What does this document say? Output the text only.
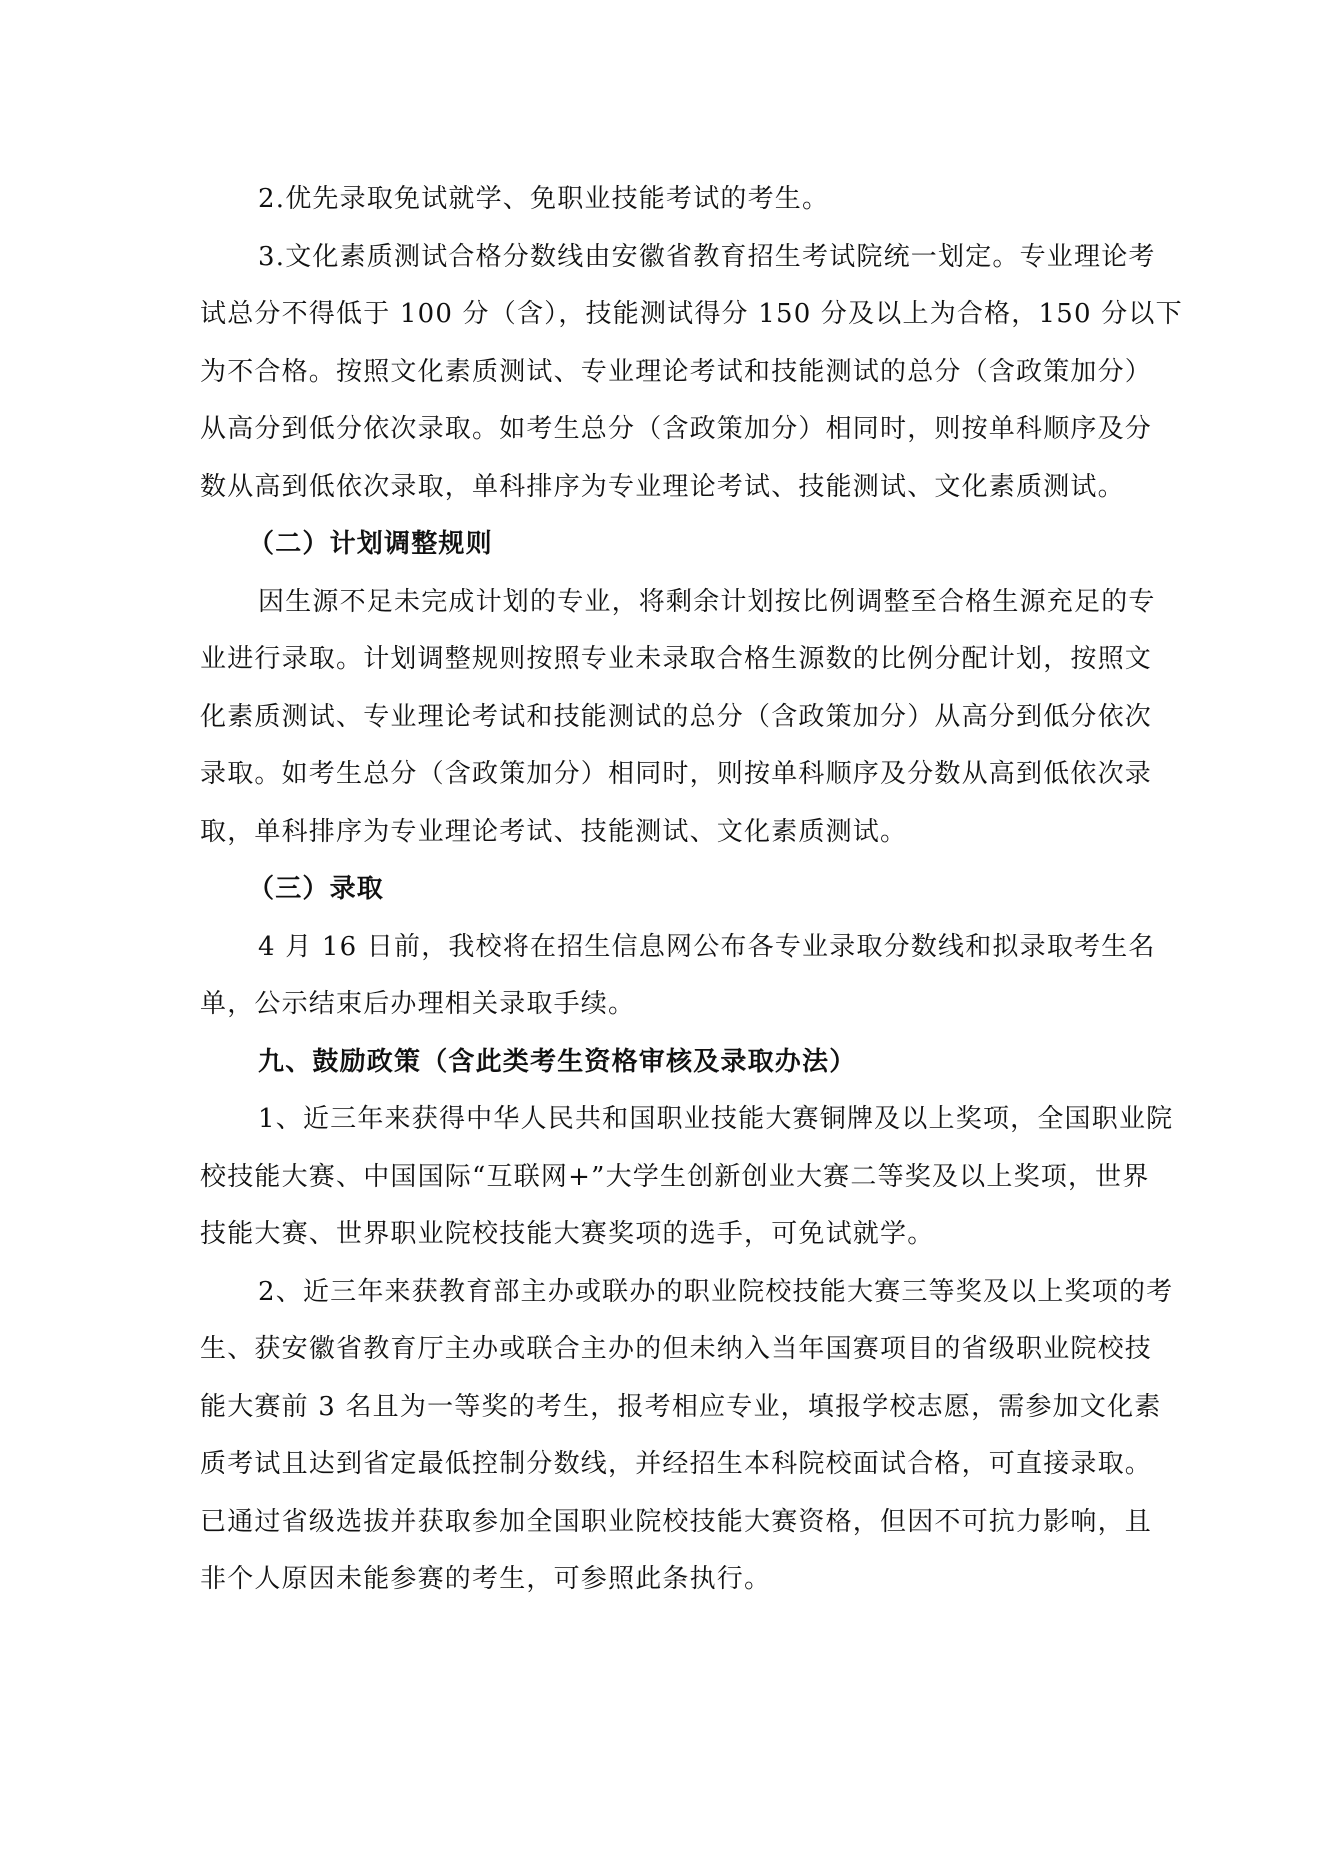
2.优先录取免试就学、免职业技能考试的考生。
3.文化素质测试合格分数线由安徽省教育招生考试院统一划定。专业理论考
试总分不得低于 100 分（含），技能测试得分 150 分及以上为合格，150 分以下
为不合格。按照文化素质测试、专业理论考试和技能测试的总分（含政策加分）
从高分到低分依次录取。如考生总分（含政策加分）相同时，则按单科顺序及分
数从高到低依次录取，单科排序为专业理论考试、技能测试、文化素质测试。
（二）计划调整规则
因生源不足未完成计划的专业，将剩余计划按比例调整至合格生源充足的专
业进行录取。计划调整规则按照专业未录取合格生源数的比例分配计划，按照文
化素质测试、专业理论考试和技能测试的总分（含政策加分）从高分到低分依次
录取。如考生总分（含政策加分）相同时，则按单科顺序及分数从高到低依次录
取，单科排序为专业理论考试、技能测试、文化素质测试。
（三）录取
4 月 16 日前，我校将在招生信息网公布各专业录取分数线和拟录取考生名
单，公示结束后办理相关录取手续。
九、鼓励政策（含此类考生资格审核及录取办法）
1、近三年来获得中华人民共和国职业技能大赛铜牌及以上奖项，全国职业院
校技能大赛、中国国际“互联网+”大学生创新创业大赛二等奖及以上奖项，世界
技能大赛、世界职业院校技能大赛奖项的选手，可免试就学。
2、近三年来获教育部主办或联办的职业院校技能大赛三等奖及以上奖项的考
生、获安徽省教育厅主办或联合主办的但未纳入当年国赛项目的省级职业院校技
能大赛前 3 名且为一等奖的考生，报考相应专业，填报学校志愿，需参加文化素
质考试且达到省定最低控制分数线，并经招生本科院校面试合格，可直接录取。
已通过省级选拔并获取参加全国职业院校技能大赛资格，但因不可抗力影响，且
非个人原因未能参赛的考生，可参照此条执行。
